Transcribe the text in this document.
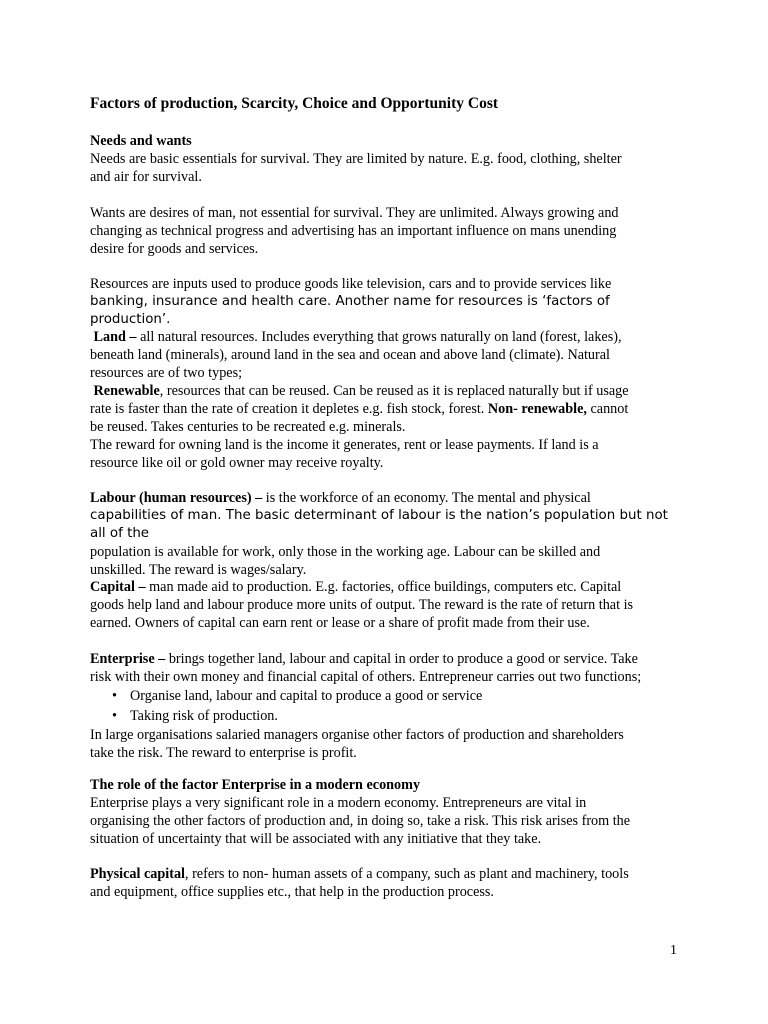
Factors of production, Scarcity, Choice and Opportunity Cost

Needs and wants

Needs are basic essentials for survival. They are limited by nature. E.g. food, clothing, shelter

and air for survival.

Wants are desires of man, not essential for survival. They are unlimited. Always growing and

changing as technical progress and advertising has an important influence on mans unending

desire for goods and services.

Resources are inputs used to produce goods like television, cars and to provide services like

banking, insurance and health care. Another name for resources is ‘factors of production’.

Land – all natural resources. Includes everything that grows naturally on land (forest, lakes),

beneath land (minerals), around land in the sea and ocean and above land (climate). Natural

resources are of two types;

Renewable, resources that can be reused. Can be reused as it is replaced naturally but if usage

rate is faster than the rate of creation it depletes e.g. fish stock, forest. Non- renewable, cannot

be reused. Takes centuries to be recreated e.g. minerals.

The reward for owning land is the income it generates, rent or lease payments. If land is a

resource like oil or gold owner may receive royalty.

Labour (human resources) – is the workforce of an economy. The mental and physical

capabilities of man. The basic determinant of labour is the nation’s population but not all of the

population is available for work, only those in the working age. Labour can be skilled and

unskilled. The reward is wages/salary.

Capital – man made aid to production. E.g. factories, office buildings, computers etc. Capital

goods help land and labour produce more units of output. The reward is the rate of return that is

earned. Owners of capital can earn rent or lease or a share of profit made from their use.

Enterprise – brings together land, labour and capital in order to produce a good or service. Take

risk with their own money and financial capital of others. Entrepreneur carries out two functions;

• Organise land, labour and capital to produce a good or service
• Taking risk of production.

In large organisations salaried managers organise other factors of production and shareholders

take the risk. The reward to enterprise is profit.

The role of the factor Enterprise in a modern economy

Enterprise plays a very significant role in a modern economy. Entrepreneurs are vital in

organising the other factors of production and, in doing so, take a risk. This risk arises from the

situation of uncertainty that will be associated with any initiative that they take.

Physical capital, refers to non- human assets of a company, such as plant and machinery, tools

and equipment, office supplies etc., that help in the production process.

1
